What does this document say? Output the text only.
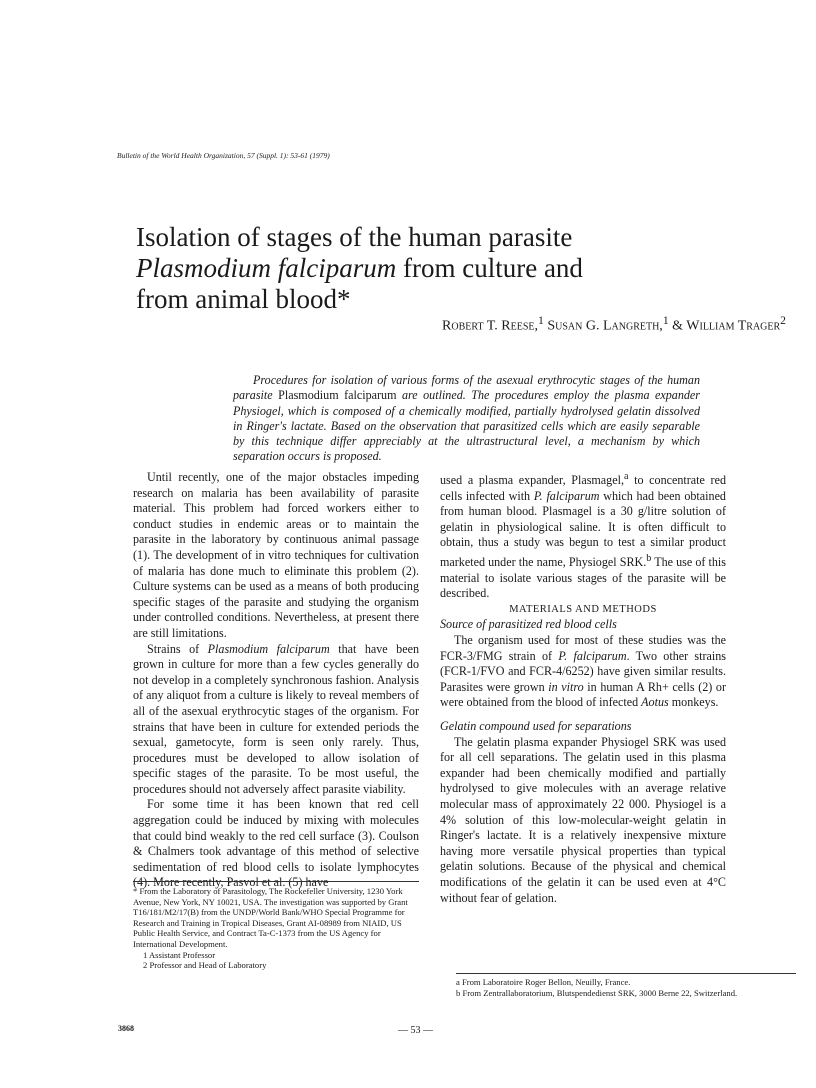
Bulletin of the World Health Organization, 57 (Suppl. 1): 53-61 (1979)
Isolation of stages of the human parasite
Plasmodium falciparum from culture and
from animal blood*
Robert T. Reese,$^1$ Susan G. Langreth,$^1$ & William Trager$^2$

Procedures for isolation of various forms of the asexual erythrocytic stages of the human parasite Plasmodium falciparum are outlined. The procedures employ the plasma expander Physiogel, which is composed of a chemically modified, partially hydrolysed gelatin dissolved in Ringer's lactate. Based on the observation that parasitized cells which are easily separable by this technique differ appreciably at the ultrastructural level, a mechanism by which separation occurs is proposed.

Until recently, one of the major obstacles impeding research on malaria has been availability of parasite material. This problem had forced workers either to conduct studies in endemic areas or to maintain the parasite in the laboratory by continuous animal passage (1). The development of in vitro techniques for cultivation of malaria has done much to eliminate this problem (2). Culture systems can be used as a means of both producing specific stages of the parasite and studying the organism under controlled conditions. Nevertheless, at present there are still limitations.

Strains of Plasmodium falciparum that have been grown in culture for more than a few cycles generally do not develop in a completely synchronous fashion. Analysis of any aliquot from a culture is likely to reveal members of all of the asexual erythrocytic stages of the organism. For strains that have been in culture for extended periods the sexual, gametocyte, form is seen only rarely. Thus, procedures must be developed to allow isolation of specific stages of the parasite. To be most useful, the procedures should not adversely affect parasite viability.

For some time it has been known that red cell aggregation could be induced by mixing with molecules that could bind weakly to the red cell surface (3). Coulson & Chalmers took advantage of this method of selective sedimentation of red blood cells to isolate lymphocytes (4). More recently, Pasvol et al. (5) have

used a plasma expander, Plasmagel,$^a$ to concentrate red cells infected with P. falciparum which had been obtained from human blood. Plasmagel is a 30 g/litre solution of gelatin in physiological saline. It is often difficult to obtain, thus a study was begun to test a similar product marketed under the name, Physiogel SRK.$^b$ The use of this material to isolate various stages of the parasite will be described.

MATERIALS AND METHODS

Source of parasitized red blood cells

The organism used for most of these studies was the FCR-3/FMG strain of P. falciparum. Two other strains (FCR-1/FVO and FCR-4/6252) have given similar results. Parasites were grown in vitro in human A Rh+ cells (2) or were obtained from the blood of infected Aotus monkeys.

Gelatin compound used for separations

The gelatin plasma expander Physiogel SRK was used for all cell separations. The gelatin used in this plasma expander had been chemically modified and partially hydrolysed to give molecules with an average relative molecular mass of approximately 22 000. Physiogel is a 4% solution of this low-molecular-weight gelatin in Ringer's lactate. It is a relatively inexpensive mixture having more versatile physical properties than typical gelatin solutions. Because of the physical and chemical modifications of the gelatin it can be used even at 4°C without fear of gelation.

* From the Laboratory of Parasitology, The Rockefeller University, 1230 York Avenue, New York, NY 10021, USA. The investigation was supported by Grant T16/181/M2/17(B) from the UNDP/World Bank/WHO Special Programme for Research and Training in Tropical Diseases, Grant AI-08989 from NIAID, US Public Health Service, and Contract Ta-C-1373 from the US Agency for International Development.

1 Assistant Professor

2 Professor and Head of Laboratory

a From Laboratoire Roger Bellon, Neuilly, France.

b From Zentrallaboratorium, Blutspendedienst SRK, 3000 Berne 22, Switzerland.

3868	— 53 —
